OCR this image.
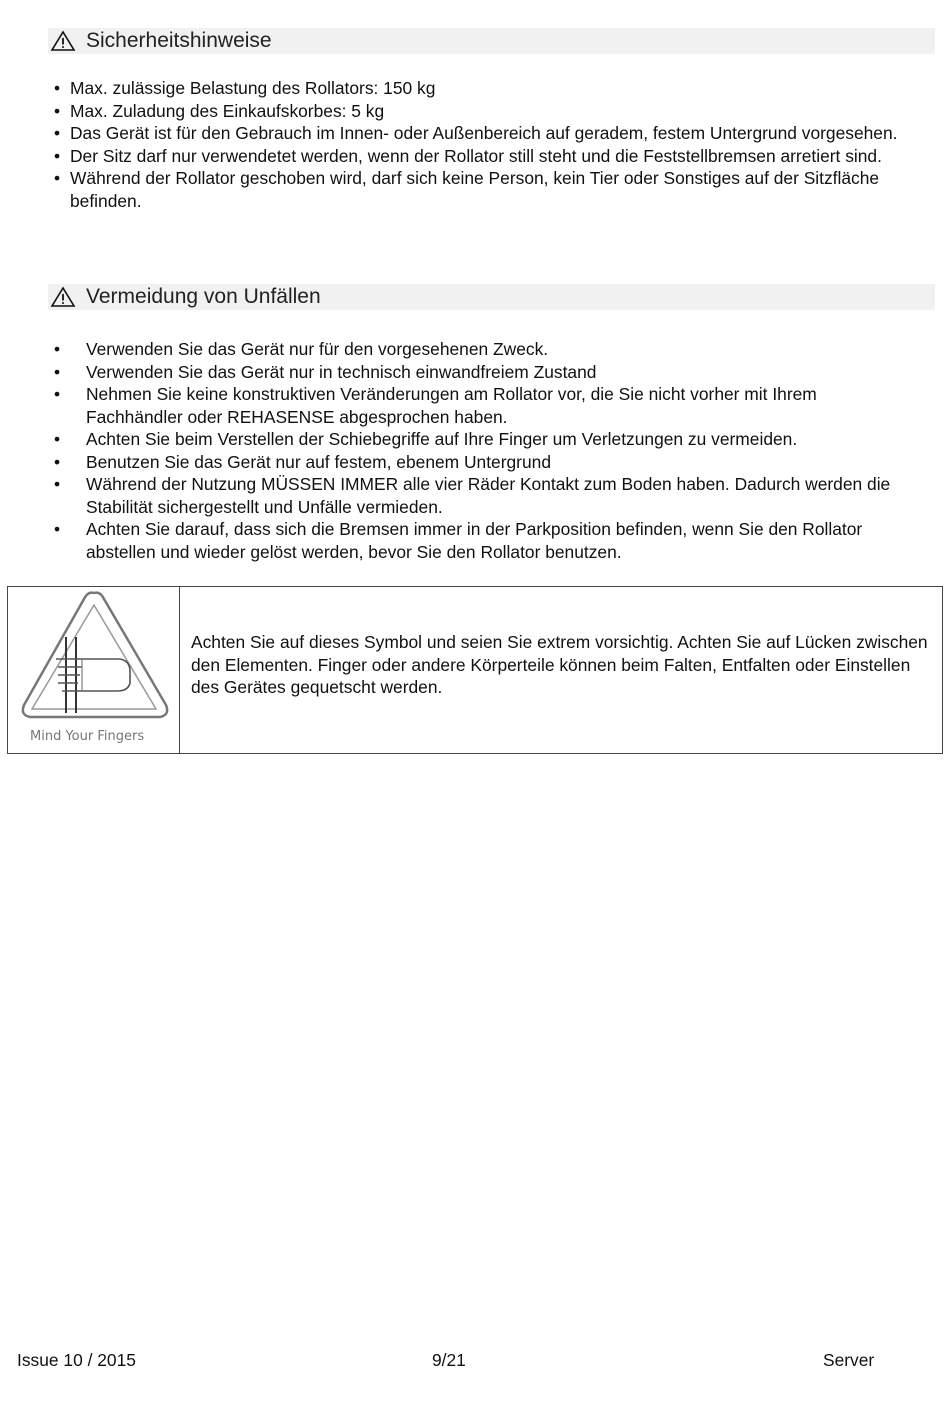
Sicherheitshinweise
• Max. zulässige Belastung des Rollators: 150 kg
• Max. Zuladung des Einkaufskorbes: 5 kg
• Das Gerät ist für den Gebrauch im Innen- oder Außenbereich auf geradem, festem Untergrund vorgesehen.
• Der Sitz darf nur verwendetet werden, wenn der Rollator still steht und die Feststellbremsen arretiert sind.
• Während der Rollator geschoben wird, darf sich keine Person, kein Tier oder Sonstiges auf der Sitzfläche befinden.
Vermeidung von Unfällen
• Verwenden Sie das Gerät nur für den vorgesehenen Zweck.
• Verwenden Sie das Gerät nur in technisch einwandfreiem Zustand
• Nehmen Sie keine konstruktiven Veränderungen am Rollator vor, die Sie nicht vorher mit Ihrem Fachhändler oder REHASENSE abgesprochen haben.
• Achten Sie beim Verstellen der Schiebegriffe auf Ihre Finger um Verletzungen zu vermeiden.
• Benutzen Sie das Gerät nur auf festem, ebenem Untergrund
• Während der Nutzung MÜSSEN IMMER alle vier Räder Kontakt zum Boden haben. Dadurch werden die Stabilität sichergestellt und Unfälle vermieden.
• Achten Sie darauf, dass sich die Bremsen immer in der Parkposition befinden, wenn Sie den Rollator abstellen und wieder gelöst werden, bevor Sie den Rollator benutzen.
Mind Your Fingers
Achten Sie auf dieses Symbol und seien Sie extrem vorsichtig. Achten Sie auf Lücken zwischen den Elementen. Finger oder andere Körperteile können beim Falten, Entfalten oder Einstellen des Gerätes gequetscht werden.
Issue 10 / 2015	9/21	Server
